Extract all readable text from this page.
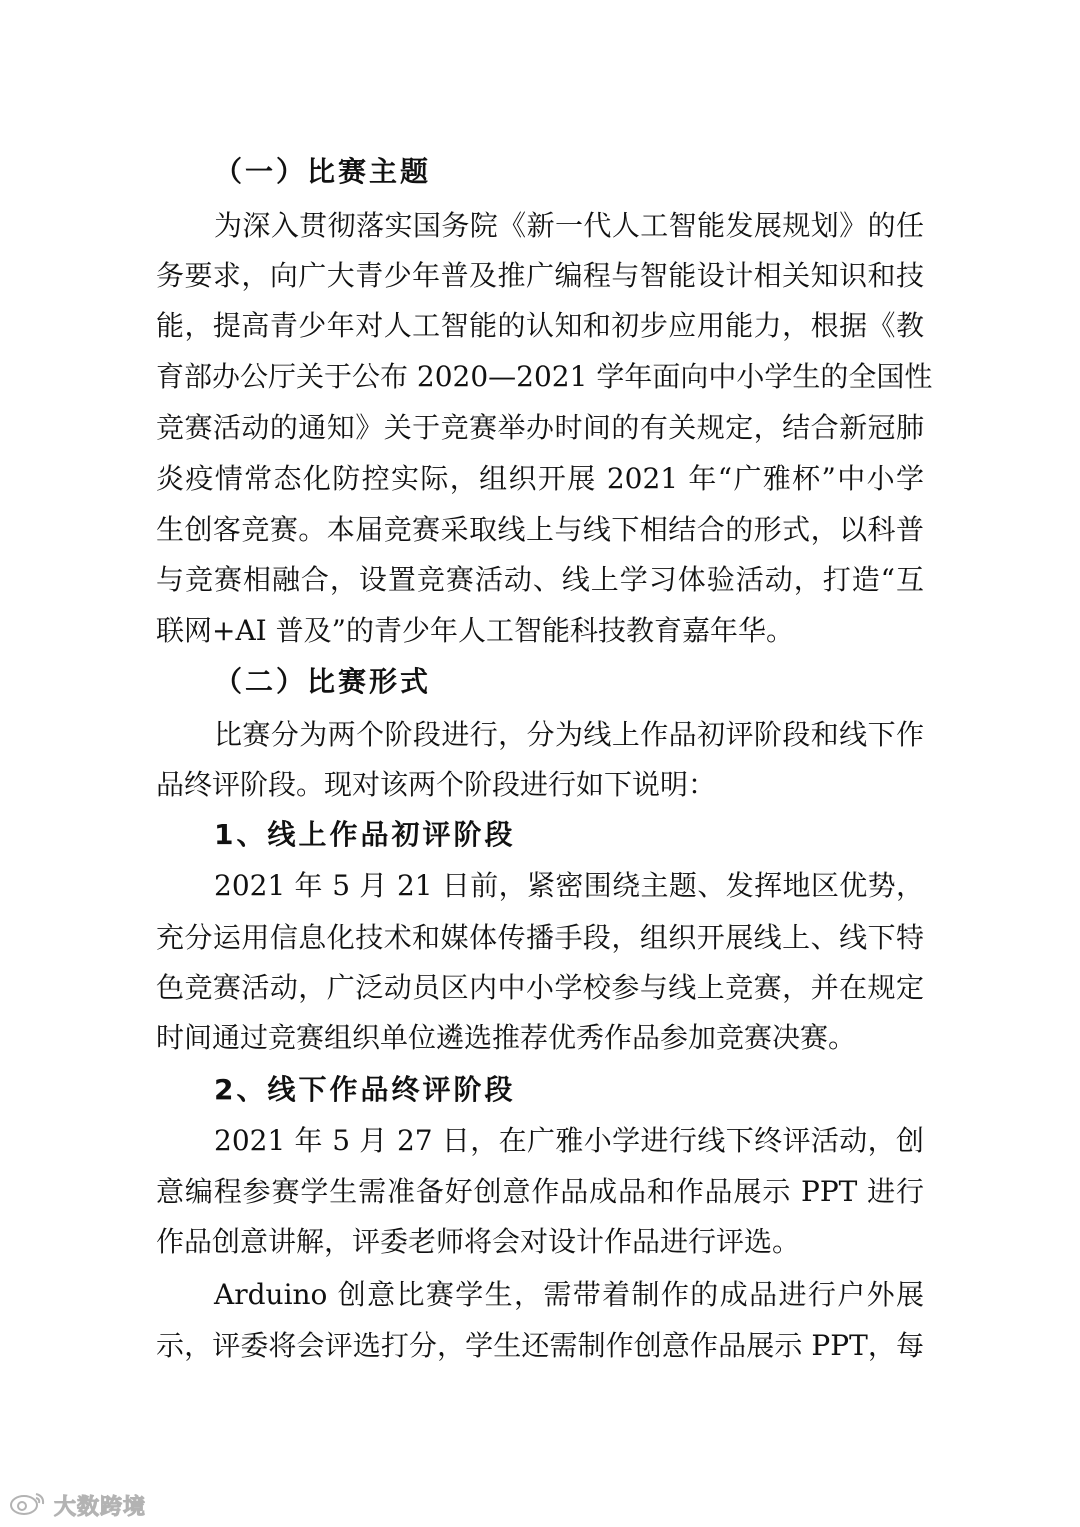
（一）比赛主题
为深入贯彻落实国务院《新一代人工智能发展规划》的任
务要求，向广大青少年普及推广编程与智能设计相关知识和技
能，提高青少年对人工智能的认知和初步应用能力，根据《教
育部办公厅关于公布 2020—2021 学年面向中小学生的全国性
竞赛活动的通知》关于竞赛举办时间的有关规定，结合新冠肺
炎疫情常态化防控实际，组织开展 2021 年“广雅杯”中小学
生创客竞赛。本届竞赛采取线上与线下相结合的形式，以科普
与竞赛相融合，设置竞赛活动、线上学习体验活动，打造“互
联网+AI 普及”的青少年人工智能科技教育嘉年华。
（二）比赛形式
比赛分为两个阶段进行，分为线上作品初评阶段和线下作
品终评阶段。现对该两个阶段进行如下说明：
1、线上作品初评阶段
2021 年 5 月 21 日前，紧密围绕主题、发挥地区优势，
充分运用信息化技术和媒体传播手段，组织开展线上、线下特
色竞赛活动，广泛动员区内中小学校参与线上竞赛，并在规定
时间通过竞赛组织单位遴选推荐优秀作品参加竞赛决赛。
2、线下作品终评阶段
2021 年 5 月 27 日，在广雅小学进行线下终评活动，创
意编程参赛学生需准备好创意作品成品和作品展示 PPT 进行
作品创意讲解，评委老师将会对设计作品进行评选。
Arduino 创意比赛学生，需带着制作的成品进行户外展
示，评委将会评选打分，学生还需制作创意作品展示 PPT，每
大数跨境
